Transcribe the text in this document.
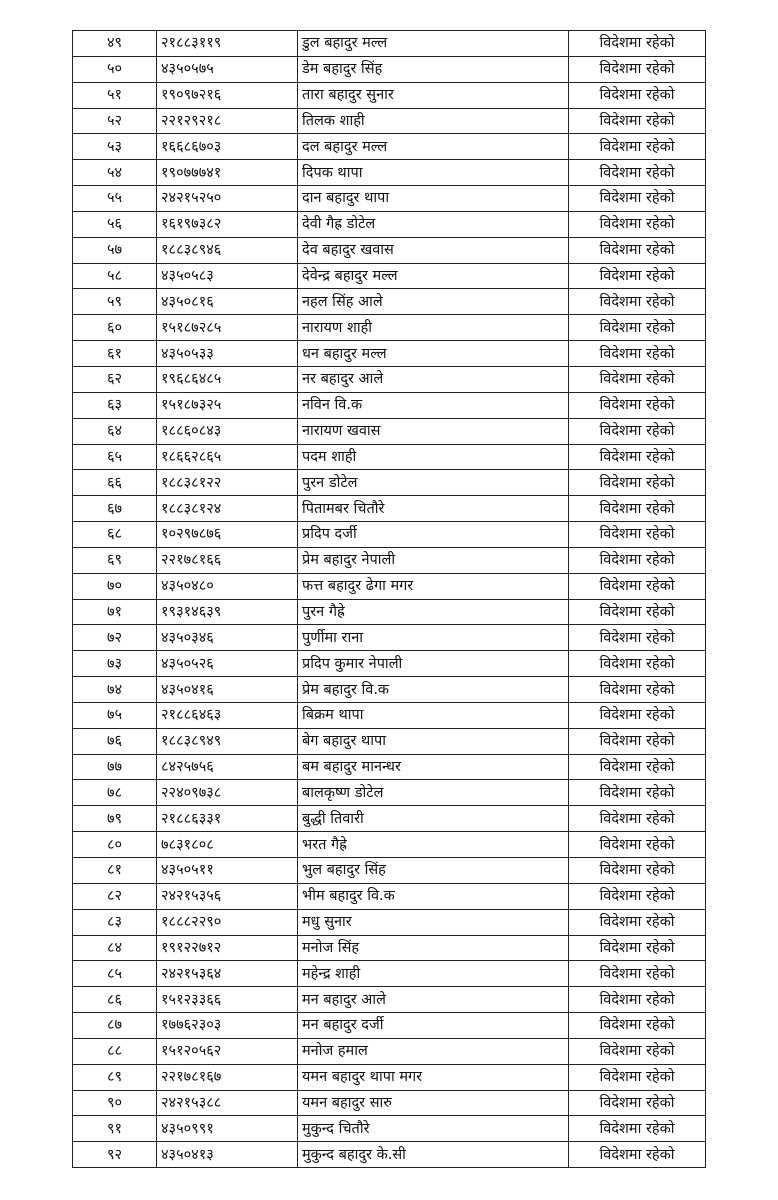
४९	२१८८३११९	डुल बहादुर मल्ल	विदेशमा रहेको
५०	४३५०५७५	डेम बहादुर सिंह	विदेशमा रहेको
५१	१९०९७२१६	तारा बहादुर सुनार	विदेशमा रहेको
५२	२२१२९२१८	तिलक शाही	विदेशमा रहेको
५३	१६६८६७०३	दल बहादुर मल्ल	विदेशमा रहेको
५४	१९०७७७४१	दिपक थापा	विदेशमा रहेको
५५	२४२१५२५०	दान बहादुर थापा	विदेशमा रहेको
५६	१६१९७३८२	देवी गैह्र डोटेल	विदेशमा रहेको
५७	१८८३८९४६	देव बहादुर खवास	विदेशमा रहेको
५८	४३५०५८३	देवेन्द्र बहादुर मल्ल	विदेशमा रहेको
५९	४३५०८१६	नहल सिंह आले	विदेशमा रहेको
६०	१५१८७२८५	नारायण शाही	विदेशमा रहेको
६१	४३५०५३३	धन बहादुर मल्ल	विदेशमा रहेको
६२	१९६८६४८५	नर बहादुर आले	विदेशमा रहेको
६३	१५१८७३२५	नविन वि.क	विदेशमा रहेको
६४	१८८६०८४३	नारायण खवास	विदेशमा रहेको
६५	१८६६२८६५	पदम शाही	विदेशमा रहेको
६६	१८८३८१२२	पुरन डोटेल	विदेशमा रहेको
६७	१८८३८१२४	पितामबर चितौरे	विदेशमा रहेको
६८	१०२९७८७६	प्रदिप दर्जी	विदेशमा रहेको
६९	२२१७८१६६	प्रेम बहादुर नेपाली	विदेशमा रहेको
७०	४३५०४८०	फत्त बहादुर ढेगा मगर	विदेशमा रहेको
७१	१९३१४६३९	पुरन गैह्रे	विदेशमा रहेको
७२	४३५०३४६	पुर्णीमा राना	विदेशमा रहेको
७३	४३५०५२६	प्रदिप कुमार नेपाली	विदेशमा रहेको
७४	४३५०४१६	प्रेम बहादुर वि.क	विदेशमा रहेको
७५	२१८८६४६३	बिक्रम थापा	विदेशमा रहेको
७६	१८८३८९४९	बेग बहादुर थापा	विदेशमा रहेको
७७	८४२५७५६	बम बहादुर मानन्धर	विदेशमा रहेको
७८	२२४०९७३८	बालकृष्ण डोटेल	विदेशमा रहेको
७९	२१८८६३३१	बुद्धी तिवारी	विदेशमा रहेको
८०	७८३१८०८	भरत गैह्रे	विदेशमा रहेको
८१	४३५०५११	भुल बहादुर सिंह	विदेशमा रहेको
८२	२४२१५३५६	भीम बहादुर वि.क	विदेशमा रहेको
८३	१८८८२२९०	मधु सुनार	विदेशमा रहेको
८४	१९१२२७१२	मनोज सिंह	विदेशमा रहेको
८५	२४२१५३६४	महेन्द्र शाही	विदेशमा रहेको
८६	१५१२३३६६	मन बहादुर आले	विदेशमा रहेको
८७	१७७६२३०३	मन बहादुर दर्जी	विदेशमा रहेको
८८	१५१२०५६२	मनोज हमाल	विदेशमा रहेको
८९	२२१७८१६७	यमन बहादुर थापा मगर	विदेशमा रहेको
९०	२४२१५३८८	यमन बहादुर सारु	विदेशमा रहेको
९१	४३५०९९१	मुकुन्द चितौरे	विदेशमा रहेको
९२	४३५०४१३	मुकुन्द बहादुर के.सी	विदेशमा रहेको
